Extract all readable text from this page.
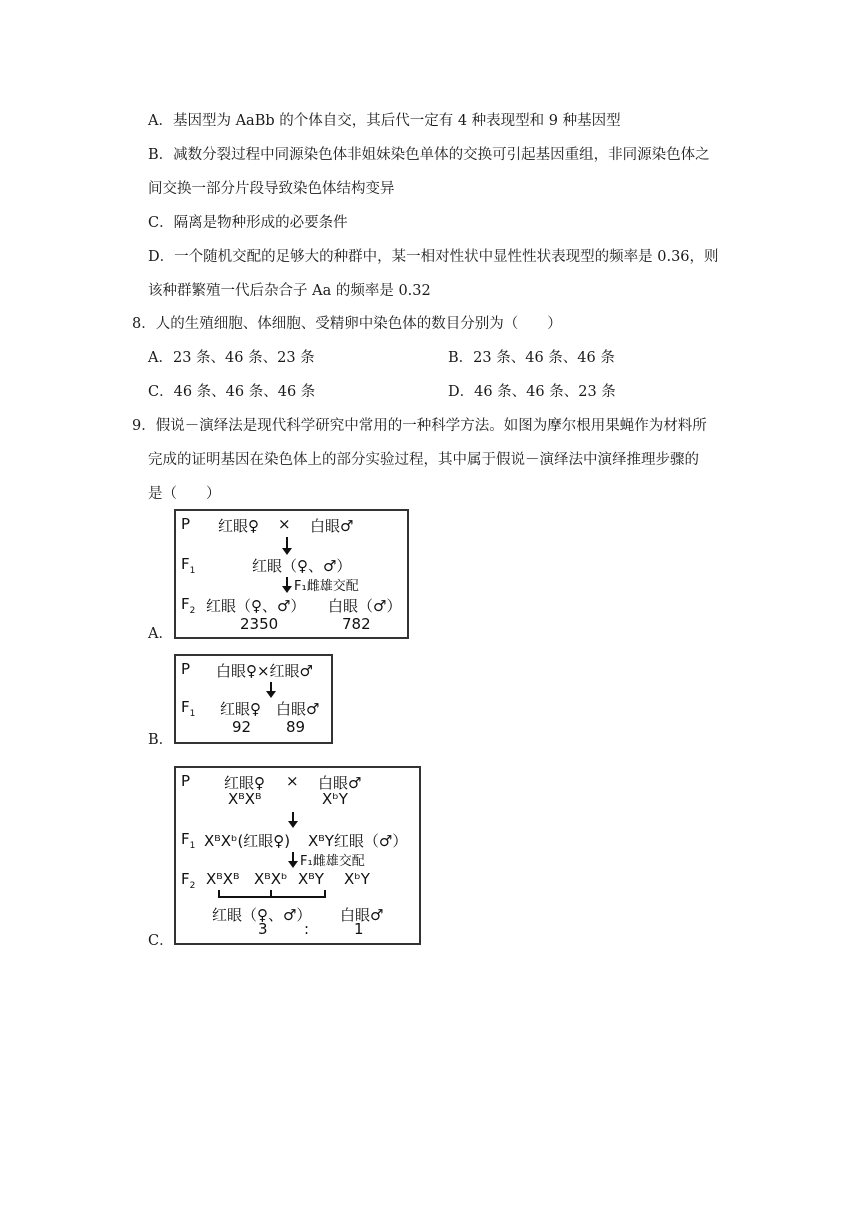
A．基因型为 AaBb 的个体自交，其后代一定有 4 种表现型和 9 种基因型
B．减数分裂过程中同源染色体非姐妹染色单体的交换可引起基因重组，非同源染色体之
间交换一部分片段导致染色体结构变异
C．隔离是物种形成的必要条件
D．一个随机交配的足够大的种群中，某一相对性状中显性性状表现型的频率是 0.36，则
该种群繁殖一代后杂合子 Aa 的频率是 0.32
8．人的生殖细胞、体细胞、受精卵中染色体的数目分别为（　　）
A．23 条、46 条、23 条	B．23 条、46 条、46 条
C．46 条、46 条、46 条	D．46 条、46 条、23 条
9．假说－演绎法是现代科学研究中常用的一种科学方法。如图为摩尔根用果蝇作为材料所
完成的证明基因在染色体上的部分实验过程，其中属于假说－演绎法中演绎推理步骤的
是（　　）
A．
P 红眼♀ × 白眼♂
$F_1$	红眼（♀、♂）
F₁雌雄交配
$F_2$ 红眼（♀、♂） 白眼（♂）
2350	782
B．
P 白眼♀×红眼♂
$F_1$ 红眼♀ 白眼♂
92 89
C．
P 红眼♀ × 白眼♂
XᴮXᴮ	XᵇY
$F_1$ XᴮXᵇ(红眼♀) XᴮY红眼（♂）
F₁雌雄交配
$F_2$ XᴮXᴮ XᴮXᵇ XᴮY XᵇY
红眼（♀、♂） 白眼♂
3 :	1
